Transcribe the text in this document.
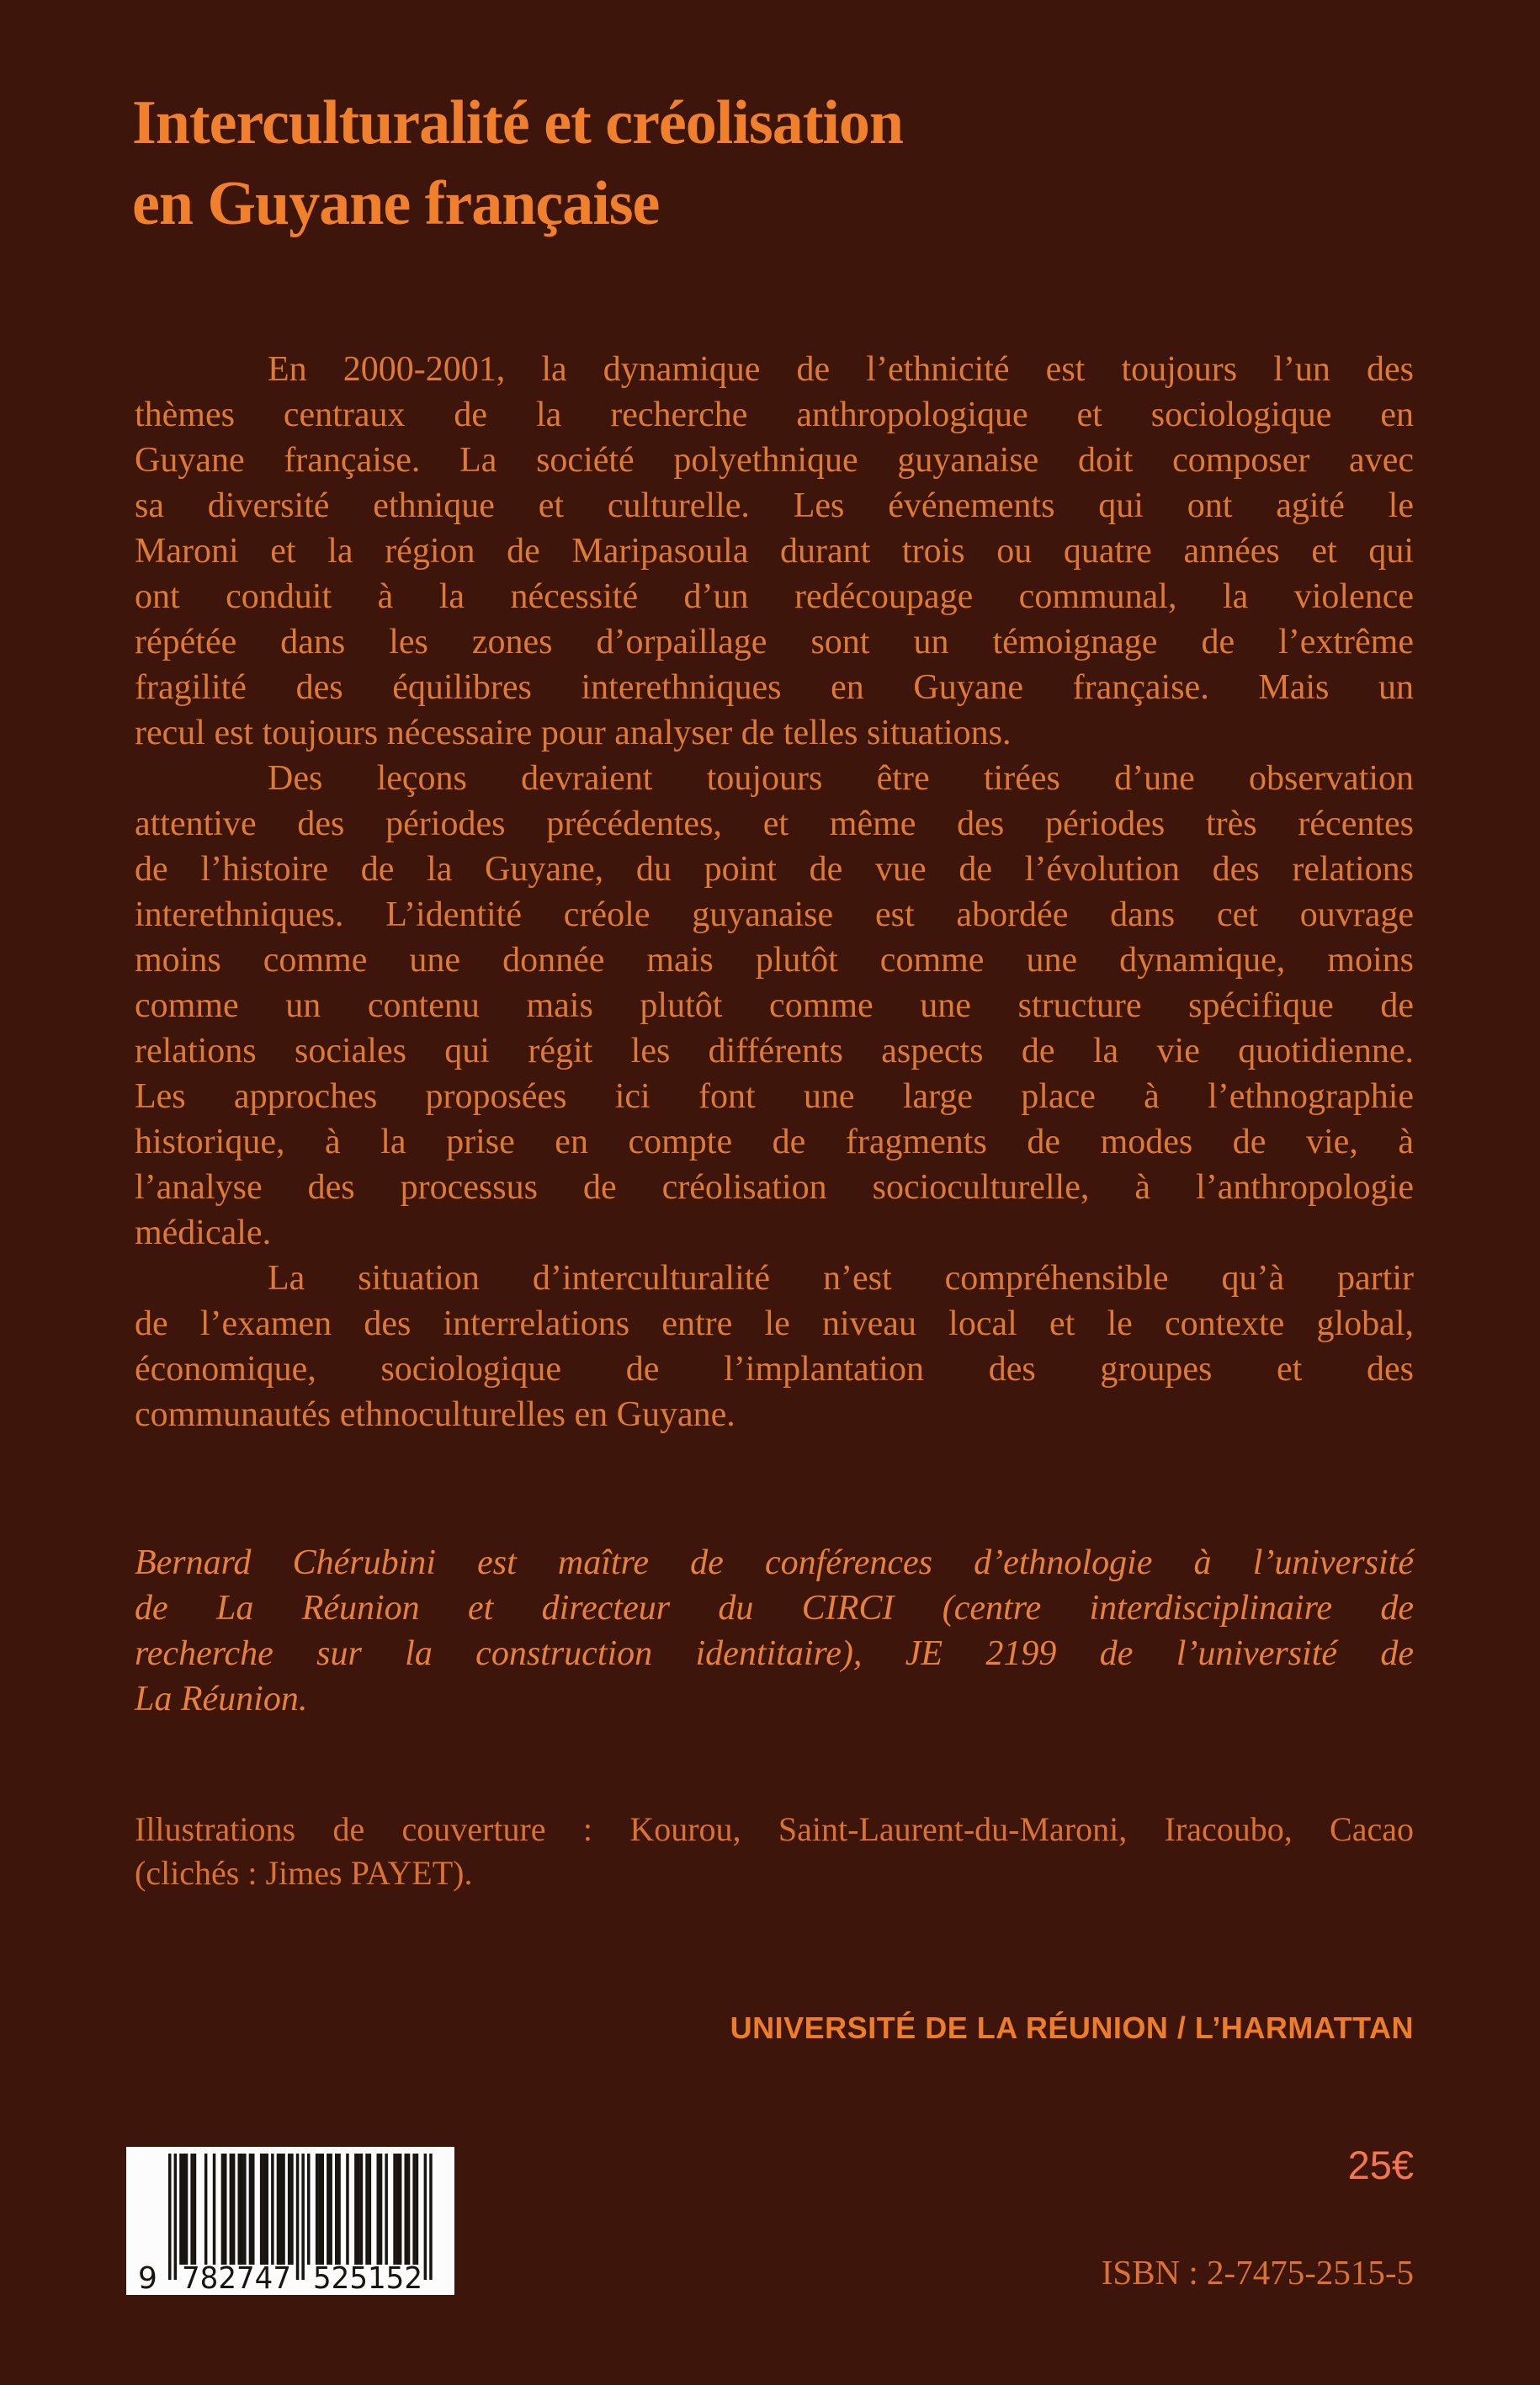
Interculturalité et créolisation
en Guyane française
En 2000-2001, la dynamique de l’ethnicité est toujours l’un des
thèmes centraux de la recherche anthropologique et sociologique en
Guyane française. La société polyethnique guyanaise doit composer avec
sa diversité ethnique et culturelle. Les événements qui ont agité le
Maroni et la région de Maripasoula durant trois ou quatre années et qui
ont conduit à la nécessité d’un redécoupage communal, la violence
répétée dans les zones d’orpaillage sont un témoignage de l’extrême
fragilité des équilibres interethniques en Guyane française. Mais un
recul est toujours nécessaire pour analyser de telles situations.
Des leçons devraient toujours être tirées d’une observation
attentive des périodes précédentes, et même des périodes très récentes
de l’histoire de la Guyane, du point de vue de l’évolution des relations
interethniques. L’identité créole guyanaise est abordée dans cet ouvrage
moins comme une donnée mais plutôt comme une dynamique, moins
comme un contenu mais plutôt comme une structure spécifique de
relations sociales qui régit les différents aspects de la vie quotidienne.
Les approches proposées ici font une large place à l’ethnographie
historique, à la prise en compte de fragments de modes de vie, à
l’analyse des processus de créolisation socioculturelle, à l’anthropologie
médicale.
La situation d’interculturalité n’est compréhensible qu’à partir
de l’examen des interrelations entre le niveau local et le contexte global,
économique, sociologique de l’implantation des groupes et des
communautés ethnoculturelles en Guyane.
Bernard Chérubini est maître de conférences d’ethnologie à l’université
de La Réunion et directeur du CIRCI (centre interdisciplinaire de
recherche sur la construction identitaire), JE 2199 de l’université de
La Réunion.
Illustrations de couverture : Kourou, Saint-Laurent-du-Maroni, Iracoubo, Cacao
(clichés : Jimes PAYET).
UNIVERSITÉ DE LA RÉUNION / L’HARMATTAN
9 782747 525152
25€
ISBN : 2-7475-2515-5
